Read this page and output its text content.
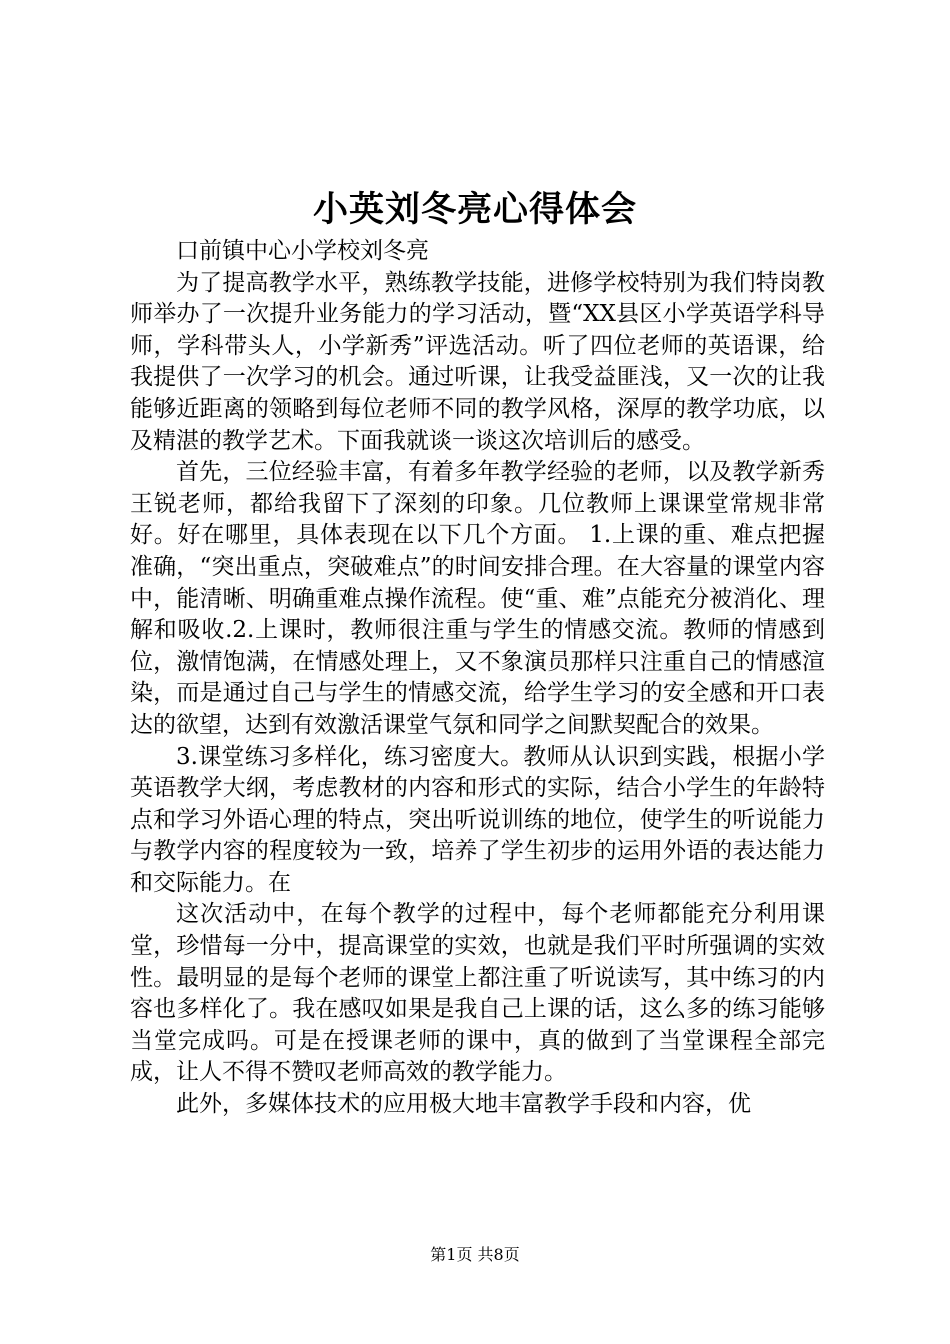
小英刘冬亮心得体会

口前镇中心小学校刘冬亮

为了提高教学水平，熟练教学技能，进修学校特别为我们特岗教师举办了一次提升业务能力的学习活动，暨“XX县区小学英语学科导师，学科带头人，小学新秀”评选活动。听了四位老师的英语课，给我提供了一次学习的机会。通过听课，让我受益匪浅，又一次的让我能够近距离的领略到每位老师不同的教学风格，深厚的教学功底，以及精湛的教学艺术。下面我就谈一谈这次培训后的感受。

首先，三位经验丰富，有着多年教学经验的老师，以及教学新秀王锐老师，都给我留下了深刻的印象。几位教师上课课堂常规非常好。好在哪里，具体表现在以下几个方面。 1.上课的重、难点把握准确，“突出重点，突破难点”的时间安排合理。在大容量的课堂内容中，能清晰、明确重难点操作流程。使“重、难”点能充分被消化、理解和吸收.2.上课时，教师很注重与学生的情感交流。教师的情感到位，激情饱满，在情感处理上，又不象演员那样只注重自己的情感渲染，而是通过自己与学生的情感交流，给学生学习的安全感和开口表达的欲望，达到有效激活课堂气氛和同学之间默契配合的效果。

3.课堂练习多样化，练习密度大。教师从认识到实践，根据小学英语教学大纲，考虑教材的内容和形式的实际，结合小学生的年龄特点和学习外语心理的特点，突出听说训练的地位，使学生的听说能力与教学内容的程度较为一致，培养了学生初步的运用外语的表达能力和交际能力。在

这次活动中，在每个教学的过程中，每个老师都能充分利用课堂，珍惜每一分中，提高课堂的实效，也就是我们平时所强调的实效性。最明显的是每个老师的课堂上都注重了听说读写，其中练习的内容也多样化了。我在感叹如果是我自己上课的话，这么多的练习能够当堂完成吗。可是在授课老师的课中，真的做到了当堂课程全部完成，让人不得不赞叹老师高效的教学能力。

此外，多媒体技术的应用极大地丰富教学手段和内容，优

第1页 共8页
